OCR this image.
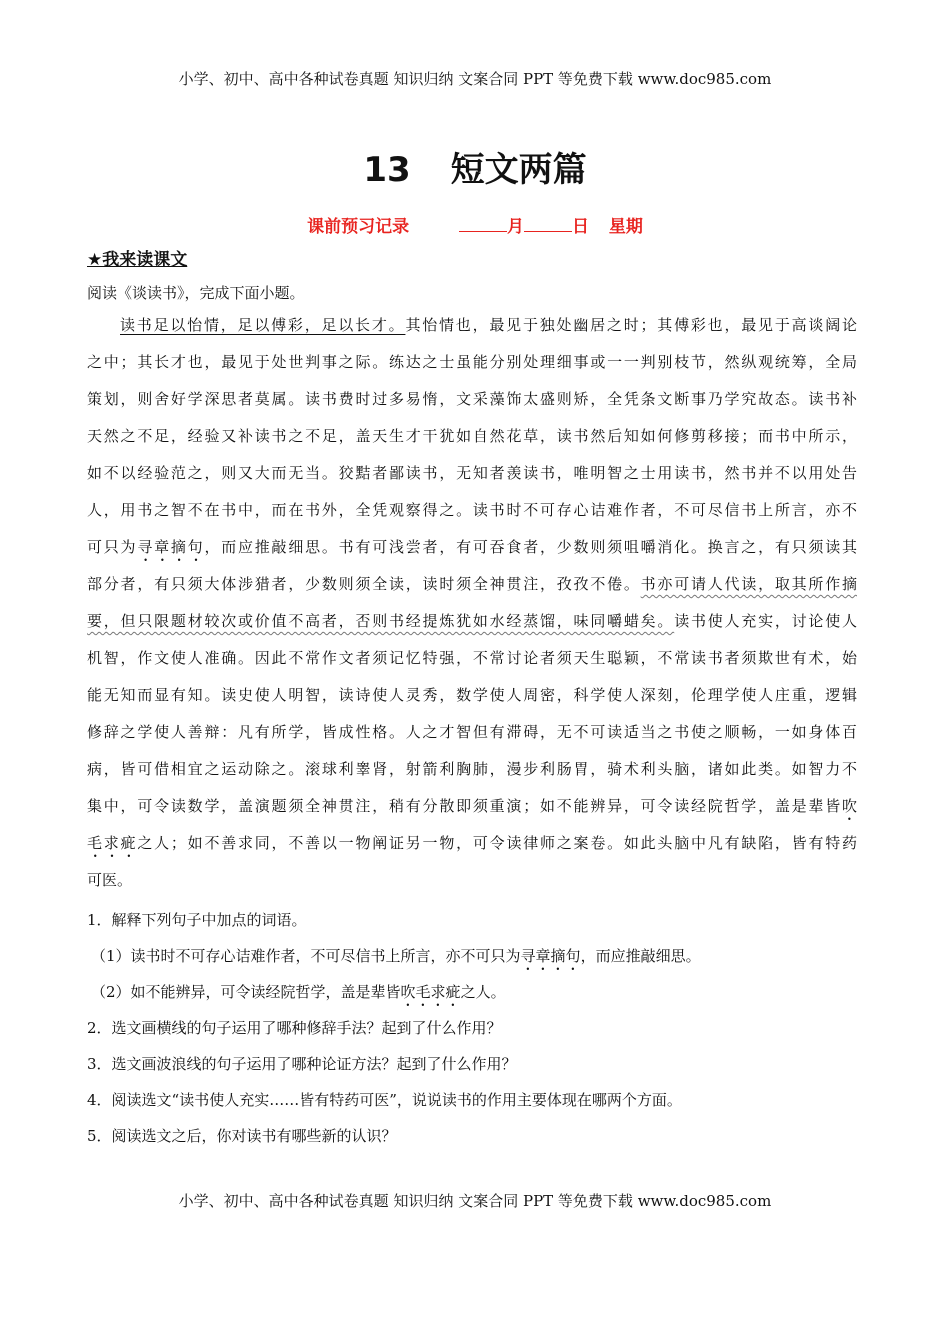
小学、初中、高中各种试卷真题 知识归纳 文案合同 PPT 等免费下载 www.doc985.com
13 短文两篇
课前预习记录	月	日 星期
★我来读课文
阅读《谈读书》，完成下面小题。
读书足以怡情，足以傅彩，足以长才。其怡情也，最见于独处幽居之时；其傅彩也，最见于高谈阔论
之中；其长才也，最见于处世判事之际。练达之士虽能分别处理细事或一一判别枝节，然纵观统筹，全局
策划，则舍好学深思者莫属。读书费时过多易惰，文采藻饰太盛则矫，全凭条文断事乃学究故态。读书补
天然之不足，经验又补读书之不足，盖天生才干犹如自然花草，读书然后知如何修剪移接；而书中所示，
如不以经验范之，则又大而无当。狡黠者鄙读书，无知者羡读书，唯明智之士用读书，然书并不以用处告
人，用书之智不在书中，而在书外，全凭观察得之。读书时不可存心诘难作者，不可尽信书上所言，亦不
可只为寻章摘句，而应推敲细思。书有可浅尝者，有可吞食者，少数则须咀嚼消化。换言之，有只须读其
部分者，有只须大体涉猎者，少数则须全读，读时须全神贯注，孜孜不倦。书亦可请人代读，取其所作摘
要，但只限题材较次或价值不高者，否则书经提炼犹如水经蒸馏，味同嚼蜡矣。读书使人充实，讨论使人
机智，作文使人准确。因此不常作文者须记忆特强，不常讨论者须天生聪颖，不常读书者须欺世有术，始
能无知而显有知。读史使人明智，读诗使人灵秀，数学使人周密，科学使人深刻，伦理学使人庄重，逻辑
修辞之学使人善辩：凡有所学，皆成性格。人之才智但有滞碍，无不可读适当之书使之顺畅，一如身体百
病，皆可借相宜之运动除之。滚球利睾肾，射箭利胸肺，漫步利肠胃，骑术利头脑，诸如此类。如智力不
集中，可令读数学，盖演题须全神贯注，稍有分散即须重演；如不能辨异，可令读经院哲学，盖是辈皆吹
毛求疵之人；如不善求同，不善以一物阐证另一物，可令读律师之案卷。如此头脑中凡有缺陷，皆有特药
可医。
1．解释下列句子中加点的词语。
（1）读书时不可存心诘难作者，不可尽信书上所言，亦不可只为寻章摘句，而应推敲细思。
（2）如不能辨异，可令读经院哲学，盖是辈皆吹毛求疵之人。
2．选文画横线的句子运用了哪种修辞手法？起到了什么作用？
3．选文画波浪线的句子运用了哪种论证方法？起到了什么作用？
4．阅读选文“读书使人充实……皆有特药可医”，说说读书的作用主要体现在哪两个方面。
5．阅读选文之后，你对读书有哪些新的认识？
小学、初中、高中各种试卷真题 知识归纳 文案合同 PPT 等免费下载 www.doc985.com
